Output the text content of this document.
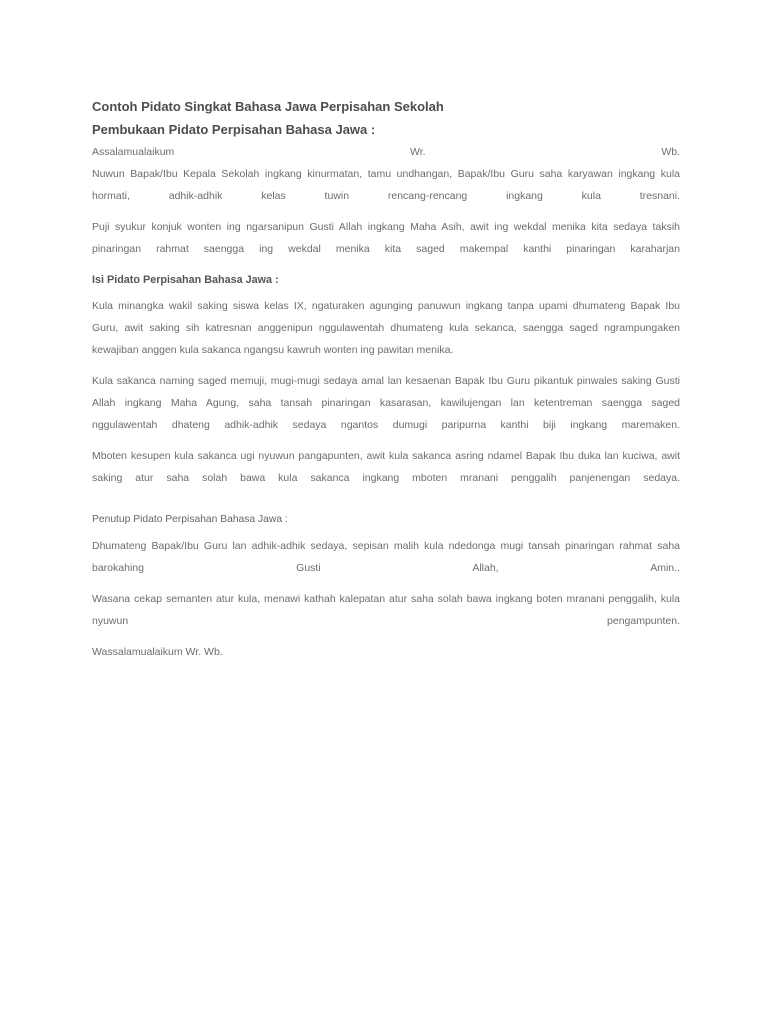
Contoh Pidato Singkat Bahasa Jawa Perpisahan Sekolah
Pembukaan Pidato Perpisahan Bahasa Jawa :
Assalamualaikum Wr. Wb.
Nuwun Bapak/Ibu Kepala Sekolah ingkang kinurmatan, tamu undhangan, Bapak/Ibu Guru saha karyawan ingkang kula
hormati, adhik-adhik kelas tuwin rencang-rencang ingkang kula tresnani.
Puji syukur konjuk wonten ing ngarsanipun Gusti Allah ingkang Maha Asih, awit ing wekdal menika kita sedaya taksih
pinaringan rahmat saengga ing wekdal menika kita saged makempal kanthi pinaringan karaharjan
Isi Pidato Perpisahan Bahasa Jawa :
Kula minangka wakil saking siswa kelas IX, ngaturaken agunging panuwun ingkang tanpa upami dhumateng Bapak Ibu
Guru, awit saking sih katresnan anggenipun nggulawentah dhumateng kula sekanca, saengga saged ngrampungaken
kewajiban anggen kula sakanca ngangsu kawruh wonten ing pawitan menika.
Kula sakanca naming saged memuji, mugi-mugi sedaya amal lan kesaenan Bapak Ibu Guru pikantuk pinwales saking Gusti
Allah ingkang Maha Agung, saha tansah pinaringan kasarasan, kawilujengan lan ketentreman saengga saged
nggulawentah dhateng adhik-adhik sedaya ngantos dumugi paripurna kanthi biji ingkang maremaken.
Mboten kesupen kula sakanca ugi nyuwun pangapunten, awit kula sakanca asring ndamel Bapak Ibu duka lan kuciwa, awit
saking atur saha solah bawa kula sakanca ingkang mboten mranani penggalih panjenengan sedaya.
Penutup Pidato Perpisahan Bahasa Jawa :
Dhumateng Bapak/Ibu Guru lan adhik-adhik sedaya, sepisan malih kula ndedonga mugi tansah pinaringan rahmat saha
barokahing Gusti Allah, Amin..
Wasana cekap semanten atur kula, menawi kathah kalepatan atur saha solah bawa ingkang boten mranani penggalih, kula
nyuwun pengampunten.
Wassalamualaikum Wr. Wb.
